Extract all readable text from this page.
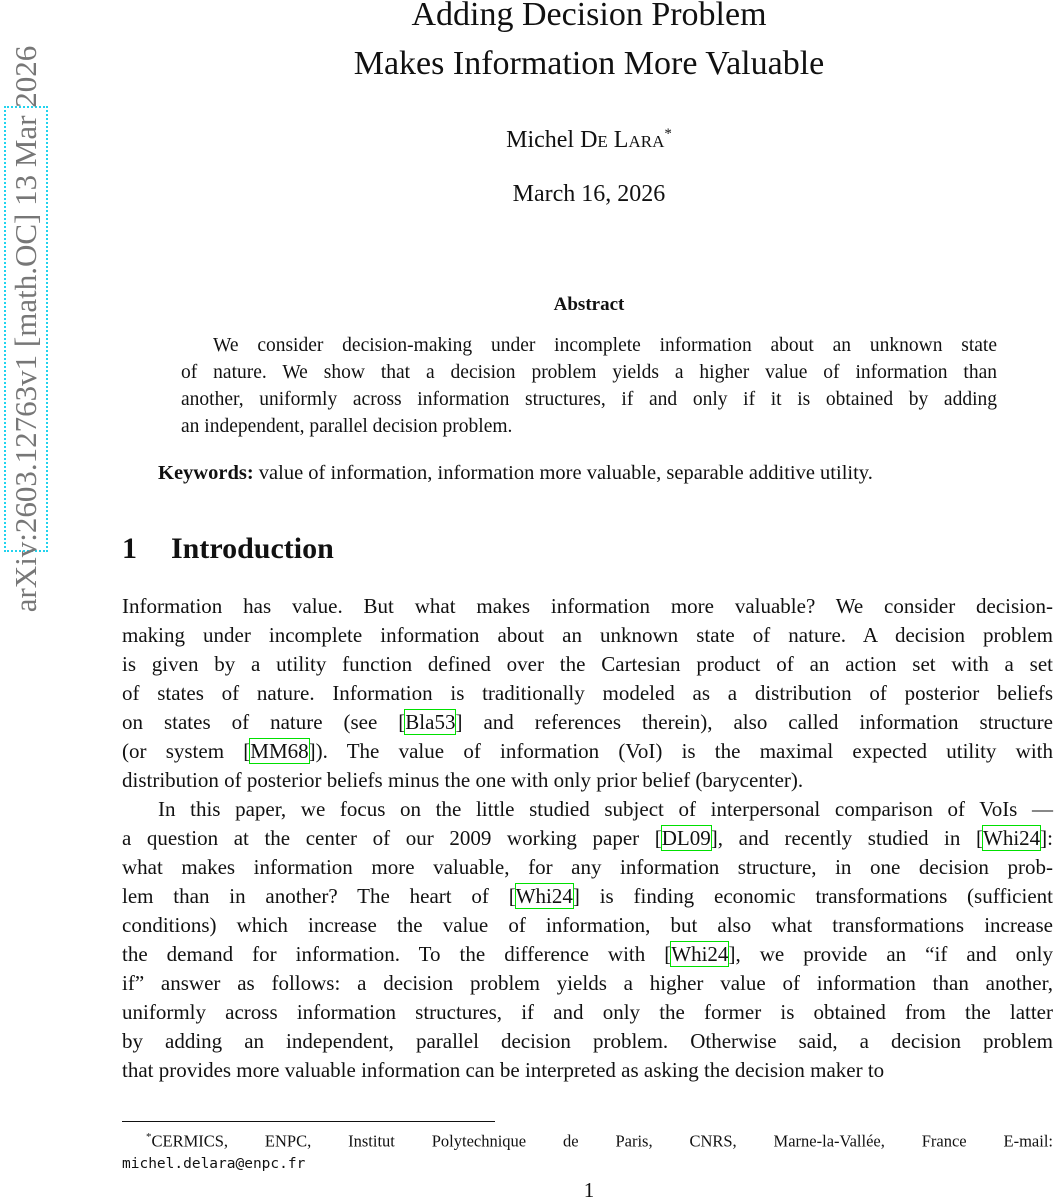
arXiv:2603.12763v1 [math.OC] 13 Mar 2026
Adding Decision Problem
Makes Information More Valuable
Michel De Lara*
March 16, 2026
Abstract
We consider decision-making under incomplete information about an unknown state
of nature. We show that a decision problem yields a higher value of information than
another, uniformly across information structures, if and only if it is obtained by adding
an independent, parallel decision problem.
Keywords: value of information, information more valuable, separable additive utility.
1 Introduction
Information has value. But what makes information more valuable? We consider decision-
making under incomplete information about an unknown state of nature. A decision problem
is given by a utility function defined over the Cartesian product of an action set with a set
of states of nature. Information is traditionally modeled as a distribution of posterior beliefs
on states of nature (see [Bla53] and references therein), also called information structure
(or system [MM68]). The value of information (VoI) is the maximal expected utility with
distribution of posterior beliefs minus the one with only prior belief (barycenter).
In this paper, we focus on the little studied subject of interpersonal comparison of VoIs —
a question at the center of our 2009 working paper [DL09], and recently studied in [Whi24]:
what makes information more valuable, for any information structure, in one decision prob-
lem than in another? The heart of [Whi24] is finding economic transformations (sufficient
conditions) which increase the value of information, but also what transformations increase
the demand for information. To the difference with [Whi24], we provide an “if and only
if” answer as follows: a decision problem yields a higher value of information than another,
uniformly across information structures, if and only the former is obtained from the latter
by adding an independent, parallel decision problem. Otherwise said, a decision problem
that provides more valuable information can be interpreted as asking the decision maker to
*CERMICS, ENPC, Institut Polytechnique de Paris, CNRS, Marne-la-Vallée, France E-mail:
michel.delara@enpc.fr
1
